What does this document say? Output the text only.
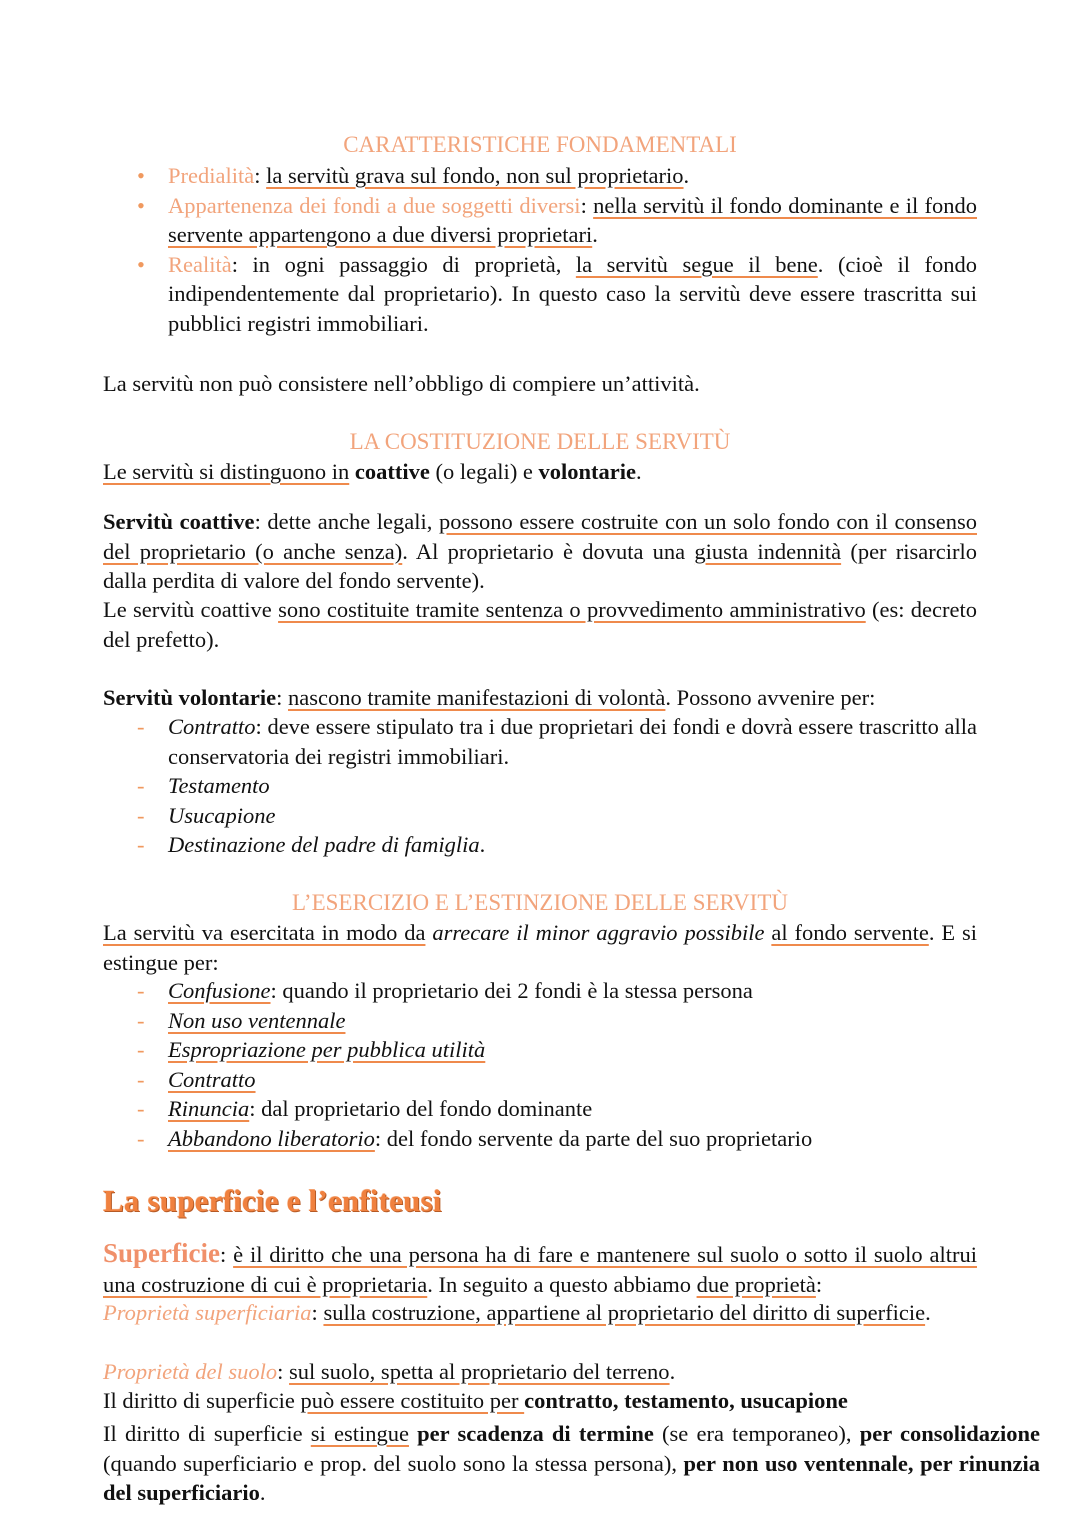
CARATTERISTICHE FONDAMENTALI
• Predialità: la servitù grava sul fondo, non sul proprietario.
• Appartenenza dei fondi a due soggetti diversi: nella servitù il fondo dominante e il fondo servente appartengono a due diversi proprietari.
• Realità: in ogni passaggio di proprietà, la servitù segue il bene. (cioè il fondo indipendentemente dal proprietario). In questo caso la servitù deve essere trascritta sui pubblici registri immobiliari.
La servitù non può consistere nell’obbligo di compiere un’attività.
LA COSTITUZIONE DELLE SERVITÙ
Le servitù si distinguono in coattive (o legali) e volontarie.
Servitù coattive: dette anche legali, possono essere costruite con un solo fondo con il consenso del proprietario (o anche senza). Al proprietario è dovuta una giusta indennità (per risarcirlo dalla perdita di valore del fondo servente).
Le servitù coattive sono costituite tramite sentenza o provvedimento amministrativo (es: decreto del prefetto).
Servitù volontarie: nascono tramite manifestazioni di volontà. Possono avvenire per:
- Contratto: deve essere stipulato tra i due proprietari dei fondi e dovrà essere trascritto alla conservatoria dei registri immobiliari.
- Testamento
- Usucapione
- Destinazione del padre di famiglia.
L’ESERCIZIO E L’ESTINZIONE DELLE SERVITÙ
La servitù va esercitata in modo da arrecare il minor aggravio possibile al fondo servente. E si estingue per:
- Confusione: quando il proprietario dei 2 fondi è la stessa persona
- Non uso ventennale
- Espropriazione per pubblica utilità
- Contratto
- Rinuncia: dal proprietario del fondo dominante
- Abbandono liberatorio: del fondo servente da parte del suo proprietario
La superficie e l’enfiteusi
Superficie: è il diritto che una persona ha di fare e mantenere sul suolo o sotto il suolo altrui una costruzione di cui è proprietaria. In seguito a questo abbiamo due proprietà:
Proprietà superficiaria: sulla costruzione, appartiene al proprietario del diritto di superficie.
Proprietà del suolo: sul suolo, spetta al proprietario del terreno.
Il diritto di superficie può essere costituito per contratto, testamento, usucapione
Il diritto di superficie si estingue per scadenza di termine (se era temporaneo), per consolidazione (quando superficiario e prop. del suolo sono la stessa persona), per non uso ventennale, per rinunzia del superficiario.
